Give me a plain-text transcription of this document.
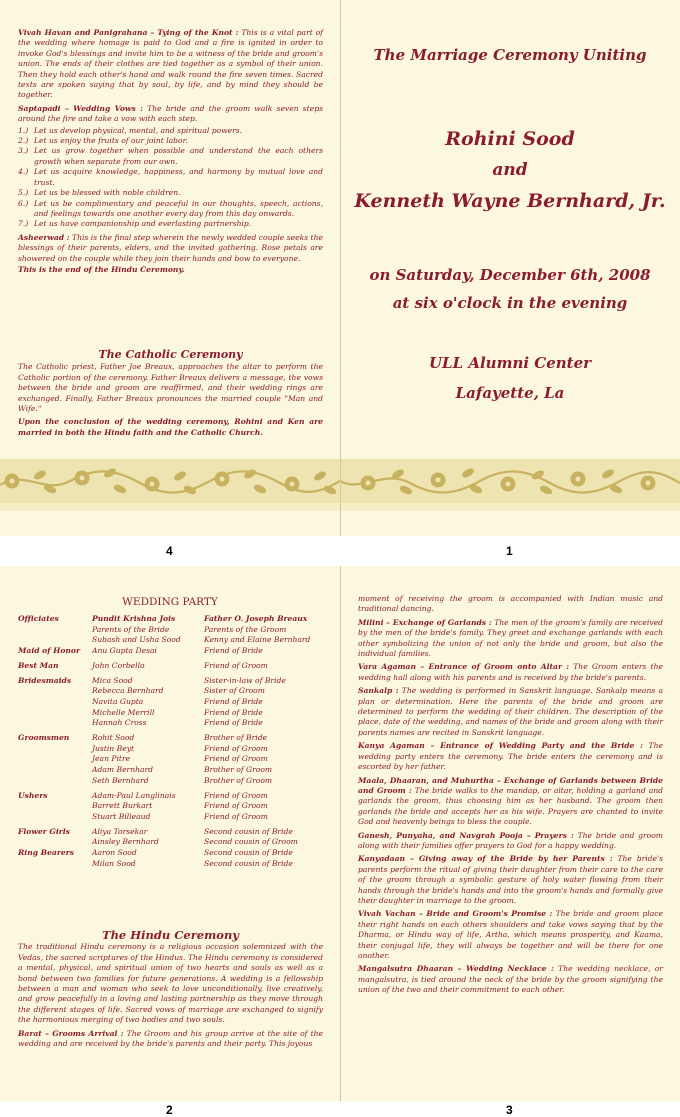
Vivah Havan and Panigrahana – Tying of the Knot : This is a vital part of the wedding where homage is paid to God and a fire is ignited in order to invoke God's blessings and invite him to be a witness of the bride and groom's union. The ends of their clothes are tied together as a symbol of their union. Then they hold each other's hand and walk round the fire seven times. Sacred texts are spoken saying that by soul, by life, and by mind they should be together.

Saptapadi – Wedding Vows : The bride and the groom walk seven steps around the fire and take a vow with each step.

1.) Let us develop physical, mental, and spiritual powers.
2.) Let us enjoy the fruits of our joint labor.
3.) Let us grow together when possible and understand the each others growth when separate from our own.
4.) Let us acquire knowledge, happiness, and harmony by mutual love and trust.
5.) Let us be blessed with noble children.
6.) Let us be complimentary and peaceful in our thoughts, speech, actions, and feelings towards one another every day from this day onwards.
7.) Let us have companionship and everlasting partnership.

Asheerwad : This is the final step wherein the newly wedded couple seeks the blessings of their parents, elders, and the invited gathering. Rose petals are showered on the couple while they join their hands and bow to everyone.

This is the end of the Hindu Ceremony.

The Catholic Ceremony

The Catholic priest, Father Joe Breaux, approaches the altar to perform the Catholic portion of the ceremony. Father Breaux delivers a message, the vows between the bride and groom are reaffirmed, and their wedding rings are exchanged. Finally, Father Breaux pronounces the married couple "Man and Wife."

Upon the conclusion of the wedding ceremony, Rohini and Ken are married in both the Hindu faith and the Catholic Church.

The Marriage Ceremony Uniting
Rohini Sood
and
Kenneth Wayne Bernhard, Jr.
on Saturday, December 6th, 2008
at six o'clock in the evening
ULL Alumni Center
Lafayette, La
4	1
WEDDING PARTY
Officiates	Pundit Krishna Jois	Father O. Joseph Breaux
	Parents of the Bride	Parents of the Groom
	Subash and Usha Sood	Kenny and Elaine Bernhard
Maid of Honor	Anu Gupta Desai	Friend of Bride
Best Man	John Corbello	Friend of Groom
Bridesmaids	Mica Sood	Sister-in-law of Bride
	Rebecca Bernhard	Sister of Groom
	Navita Gupta	Friend of Bride
	Michelle Merrill	Friend of Bride
	Hannah Cross	Friend of Bride
Groomsmen	Rohit Sood	Brother of Bride
	Justin Beyt	Friend of Groom
	Jean Pitre	Friend of Groom
	Adam Bernhard	Brother of Groom
	Seth Bernhard	Brother of Groom
Ushers	Adam-Paul Langlinais	Friend of Groom
	Barrett Burkart	Friend of Groom
	Stuart Billeaud	Friend of Groom
Flower Girls	Aliya Torsekar	Second cousin of Bride
	Ainsley Bernhard	Second cousin of Groom
Ring Bearers	Aaron Sood	Second cousin of Bride
	Milan Sood	Second cousin of Bride
The Hindu Ceremony

The traditional Hindu ceremony is a religious occasion solemnized with the Vedas, the sacred scriptures of the Hindus. The Hindu ceremony is considered a mental, physical, and spiritual union of two hearts and souls as well as a bond between two families for future generations. A wedding is a fellowship between a man and woman who seek to love unconditionally, live creatively, and grow peacefully in a loving and lasting partnership as they move through the different stages of life. Sacred vows of marriage are exchanged to signify the harmonious merging of two bodies and two souls.

Barat – Grooms Arrival : The Groom and his group arrive at the site of the wedding and are received by the bride's parents and their party. This joyous

moment of receiving the groom is accompanied with Indian music and traditional dancing.

Milini – Exchange of Garlands : The men of the groom's family are received by the men of the bride's family. They greet and exchange garlands with each other symbolizing the union of not only the bride and groom, but also the individual families.

Vara Agaman – Entrance of Groom onto Altar : The Groom enters the wedding hall along with his parents and is received by the bride's parents.

Sankalp : The wedding is performed in Sanskrit language. Sankalp means a plan or determination. Here the parents of the bride and groom are determined to perform the wedding of their children. The description of the place, date of the wedding, and names of the bride and groom along with their parents names are recited in Sanskrit language.

Kanya Agaman – Entrance of Wedding Party and the Bride : The wedding party enters the ceremony. The bride enters the ceremony and is escorted by her father.

Maala, Dhaaran, and Muhurtha – Exchange of Garlands between Bride and Groom : The bride walks to the mandap, or altar, holding a garland and garlands the groom, thus choosing him as her husband. The groom then garlands the bride and accepts her as his wife. Prayers are chanted to invite God and heavenly beings to bless the couple.

Ganesh, Punyaha, and Navgrah Pooja – Prayers : The bride and groom along with their families offer prayers to God for a happy wedding.

Kanyadaan – Giving away of the Bride by her Parents : The bride's parents perform the ritual of giving their daughter from their care to the care of the groom through a symbolic gesture of holy water flowing from their hands through the bride's hands and into the groom's hands and formally give their daughter in marriage to the groom.

Vivah Vachan – Bride and Groom's Promise : The bride and groom place their right hands on each others shoulders and take vows saying that by the Dharma, or Hindu way of life, Artha, which means prosperity, and Kaama, their conjugal life, they will always be together and will be there for one another.

Mangalsutra Dhaaran – Wedding Necklace : The wedding necklace, or mangalsutra, is tied around the neck of the bride by the groom signifying the union of the two and their commitment to each other.

2	3
